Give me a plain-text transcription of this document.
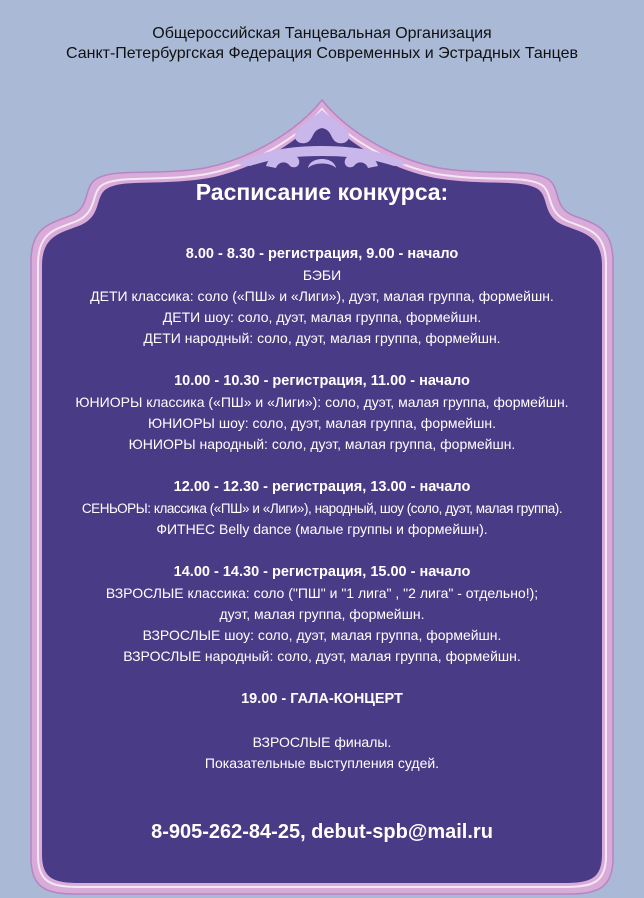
Общероссийская Танцевальная Организация
Санкт-Петербургская Федерация Современных и Эстрадных Танцев
Расписание конкурса:
8.00 - 8.30 - регистрация, 9.00 - начало
БЭБИ
ДЕТИ классика: соло («ПШ» и «Лиги»), дуэт, малая группа, формейшн.
ДЕТИ шоу: соло, дуэт, малая группа, формейшн.
ДЕТИ народный: соло, дуэт, малая группа, формейшн.
10.00 - 10.30 - регистрация, 11.00 - начало
ЮНИОРЫ классика («ПШ» и «Лиги»): соло, дуэт, малая группа, формейшн.
ЮНИОРЫ шоу: соло, дуэт, малая группа, формейшн.
ЮНИОРЫ народный: соло, дуэт, малая группа, формейшн.
12.00 - 12.30 - регистрация, 13.00 - начало
СЕНЬОРЫ: классика («ПШ» и «Лиги»), народный, шоу (соло, дуэт, малая группа).
ФИТНЕС Belly dance (малые группы и формейшн).
14.00 - 14.30 - регистрация, 15.00 - начало
ВЗРОСЛЫЕ классика: соло ("ПШ" и "1 лига" , "2 лига" - отдельно!);
дуэт, малая группа, формейшн.
ВЗРОСЛЫЕ шоу: соло, дуэт, малая группа, формейшн.
ВЗРОСЛЫЕ народный: соло, дуэт, малая группа, формейшн.
19.00 - ГАЛА-КОНЦЕРТ
ВЗРОСЛЫЕ финалы.
Показательные выступления судей.
8-905-262-84-25, debut-spb@mail.ru
